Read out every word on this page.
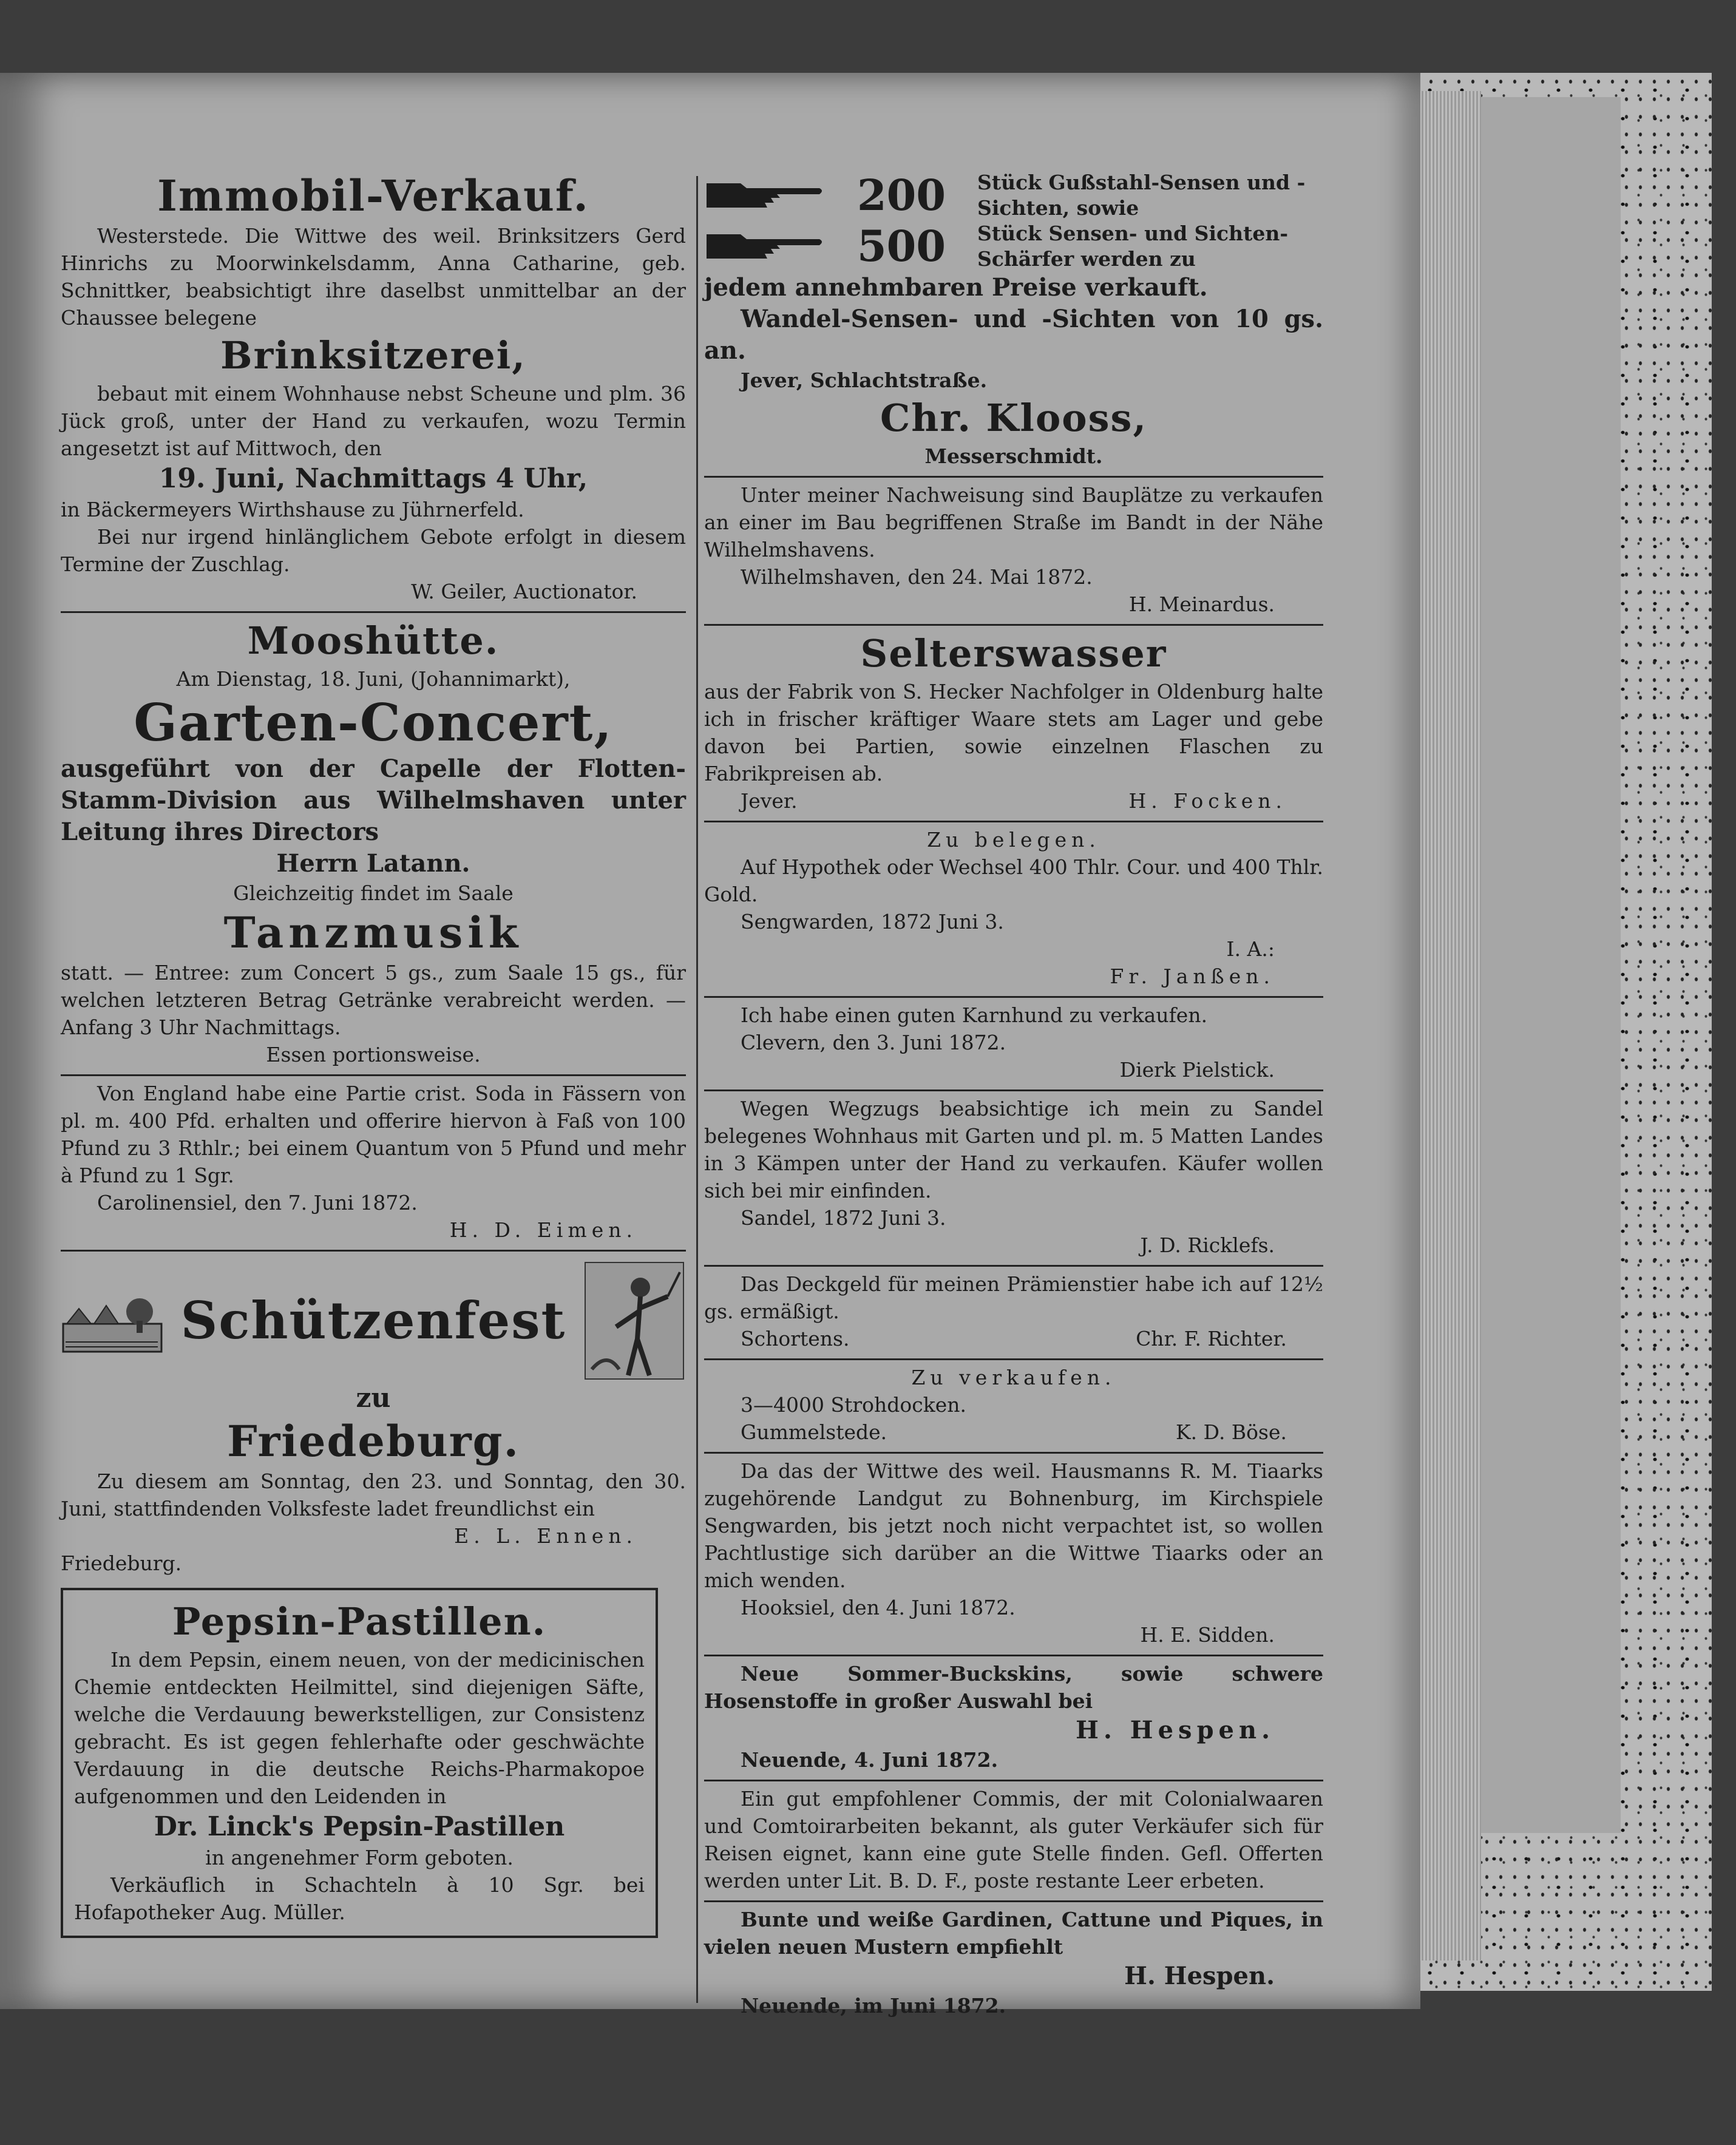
Immobil-Verkauf.

Westerstede. Die Wittwe des weil. Brinksitzers Gerd Hinrichs zu Moorwinkelsdamm, Anna Catharine, geb. Schnittker, beabsichtigt ihre daselbst unmittelbar an der Chaussee belegene

Brinksitzerei,

bebaut mit einem Wohnhause nebst Scheune und plm. 36 Jück groß, unter der Hand zu verkaufen, wozu Termin angesetzt ist auf Mittwoch, den

19. Juni, Nachmittags 4 Uhr,

in Bäckermeyers Wirthshause zu Jührnerfeld.

Bei nur irgend hinlänglichem Gebote erfolgt in diesem Termine der Zuschlag.

W. Geiler, Auctionator.
Mooshütte.
Am Dienstag, 18. Juni, (Johannimarkt),
Garten-Concert,

ausgeführt von der Capelle der Flotten-Stamm-Division aus Wilhelmshaven unter Leitung ihres Directors

Herrn Latann.
Gleichzeitig findet im Saale
Tanzmusik

statt. — Entree: zum Concert 5 gs., zum Saale 15 gs., für welchen letzteren Betrag Getränke verabreicht werden. — Anfang 3 Uhr Nachmittags.

Essen portionsweise.

Von England habe eine Partie crist. Soda in Fässern von pl. m. 400 Pfd. erhalten und offerire hiervon à Faß von 100 Pfund zu 3 Rthlr.; bei einem Quantum von 5 Pfund und mehr à Pfund zu 1 Sgr.

Carolinensiel, den 7. Juni 1872.
H. D. Eimen.
Schützenfest
zu
Friedeburg.

Zu diesem am Sonntag, den 23. und Sonntag, den 30. Juni, stattfindenden Volksfeste ladet freundlichst ein

E. L. Ennen.
Friedeburg.
Pepsin-Pastillen.

In dem Pepsin, einem neuen, von der medicinischen Chemie entdeckten Heilmittel, sind diejenigen Säfte, welche die Verdauung bewerkstelligen, zur Consistenz gebracht. Es ist gegen fehlerhafte oder geschwächte Verdauung in die deutsche Reichs-Pharmakopoe aufgenommen und den Leidenden in

Dr. Linck's Pepsin-Pastillen
in angenehmer Form geboten.

Verkäuflich in Schachteln à 10 Sgr. bei Hofapotheker Aug. Müller.

200	Stück Gußstahl-Sensen und -Sichten, sowie
500	Stück Sensen- und Sichten-Schärfer werden zu
jedem annehmbaren Preise verkauft.

Wandel-Sensen- und -Sichten von 10 gs. an.

Jever, Schlachtstraße.
Chr. Klooss,
Messerschmidt.

Unter meiner Nachweisung sind Bauplätze zu verkaufen an einer im Bau begriffenen Straße im Bandt in der Nähe Wilhelmshavens.

Wilhelmshaven, den 24. Mai 1872.
H. Meinardus.
Selterswasser

aus der Fabrik von S. Hecker Nachfolger in Oldenburg halte ich in frischer kräftiger Waare stets am Lager und gebe davon bei Partien, sowie einzelnen Flaschen zu Fabrikpreisen ab.

Jever.	H. Focken.
Zu belegen.

Auf Hypothek oder Wechsel 400 Thlr. Cour. und 400 Thlr. Gold.

Sengwarden, 1872 Juni 3.
I. A.:
Fr. Janßen.

Ich habe einen guten Karnhund zu verkaufen.

Clevern, den 3. Juni 1872.
Dierk Pielstick.

Wegen Wegzugs beabsichtige ich mein zu Sandel belegenes Wohnhaus mit Garten und pl. m. 5 Matten Landes in 3 Kämpen unter der Hand zu verkaufen. Käufer wollen sich bei mir einfinden.

Sandel, 1872 Juni 3.
J. D. Ricklefs.

Das Deckgeld für meinen Prämienstier habe ich auf 12½ gs. ermäßigt.

Schortens.	Chr. F. Richter.
Zu verkaufen.
3—4000 Strohdocken.
Gummelstede.	K. D. Böse.

Da das der Wittwe des weil. Hausmanns R. M. Tiaarks zugehörende Landgut zu Bohnenburg, im Kirchspiele Sengwarden, bis jetzt noch nicht verpachtet ist, so wollen Pachtlustige sich darüber an die Wittwe Tiaarks oder an mich wenden.

Hooksiel, den 4. Juni 1872.
H. E. Sidden.

Neue Sommer-Buckskins, sowie schwere Hosenstoffe in großer Auswahl bei

H. Hespen.
Neuende, 4. Juni 1872.

Ein gut empfohlener Commis, der mit Colonialwaaren und Comtoirarbeiten bekannt, als guter Verkäufer sich für Reisen eignet, kann eine gute Stelle finden. Gefl. Offerten werden unter Lit. B. D. F., poste restante Leer erbeten.

Bunte und weiße Gardinen, Cattune und Piques, in vielen neuen Mustern empfiehlt

H. Hespen.
Neuende, im Juni 1872.
